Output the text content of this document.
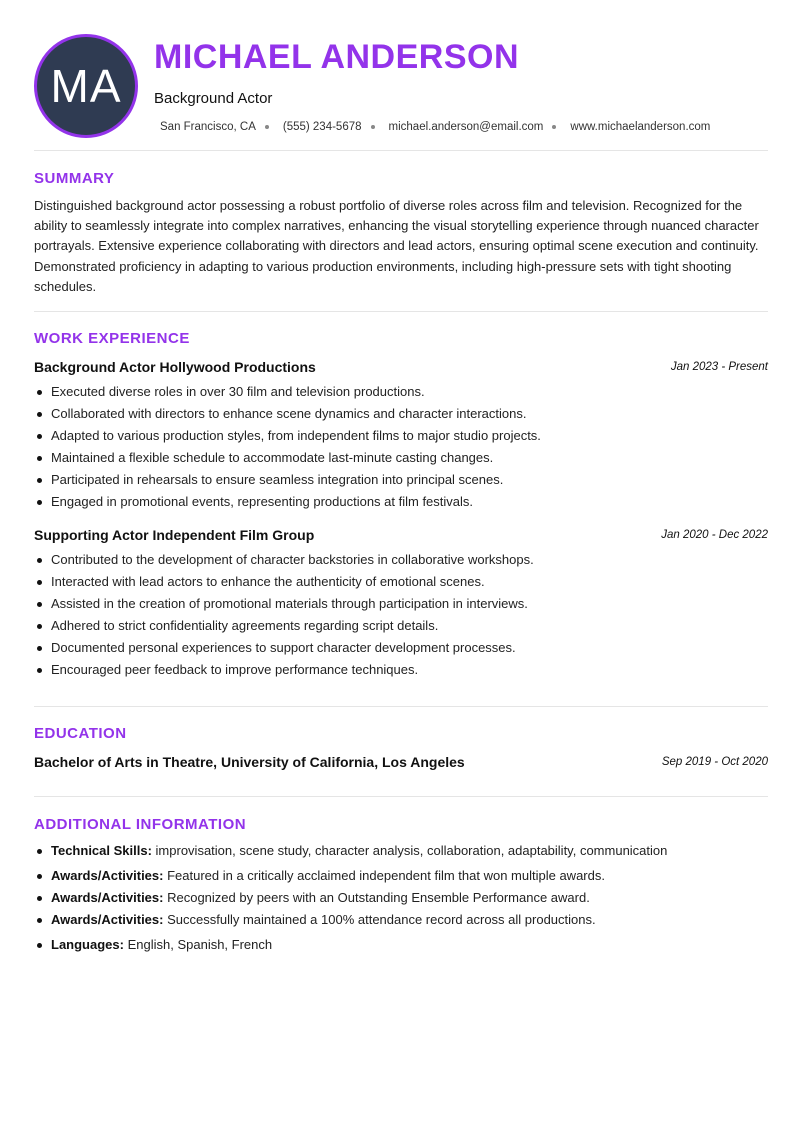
MA
MICHAEL ANDERSON
Background Actor
San Francisco, CA (555) 234-5678 michael.anderson@email.com www.michaelanderson.com
SUMMARY

Distinguished background actor possessing a robust portfolio of diverse roles across film and television. Recognized for the ability to seamlessly integrate into complex narratives, enhancing the visual storytelling experience through nuanced character portrayals. Extensive experience collaborating with directors and lead actors, ensuring optimal scene execution and continuity. Demonstrated proficiency in adapting to various production environments, including high-pressure sets with tight shooting schedules.

WORK EXPERIENCE
Background Actor Hollywood Productions	Jan 2023 - Present
Executed diverse roles in over 30 film and television productions.
Collaborated with directors to enhance scene dynamics and character interactions.
Adapted to various production styles, from independent films to major studio projects.
Maintained a flexible schedule to accommodate last-minute casting changes.
Participated in rehearsals to ensure seamless integration into principal scenes.
Engaged in promotional events, representing productions at film festivals.
Supporting Actor Independent Film Group	Jan 2020 - Dec 2022
Contributed to the development of character backstories in collaborative workshops.
Interacted with lead actors to enhance the authenticity of emotional scenes.
Assisted in the creation of promotional materials through participation in interviews.
Adhered to strict confidentiality agreements regarding script details.
Documented personal experiences to support character development processes.
Encouraged peer feedback to improve performance techniques.
EDUCATION
Bachelor of Arts in Theatre, University of California, Los Angeles	Sep 2019 - Oct 2020
ADDITIONAL INFORMATION
Technical Skills: improvisation, scene study, character analysis, collaboration, adaptability, communication
Awards/Activities: Featured in a critically acclaimed independent film that won multiple awards.
Awards/Activities: Recognized by peers with an Outstanding Ensemble Performance award.
Awards/Activities: Successfully maintained a 100% attendance record across all productions.
Languages: English, Spanish, French
